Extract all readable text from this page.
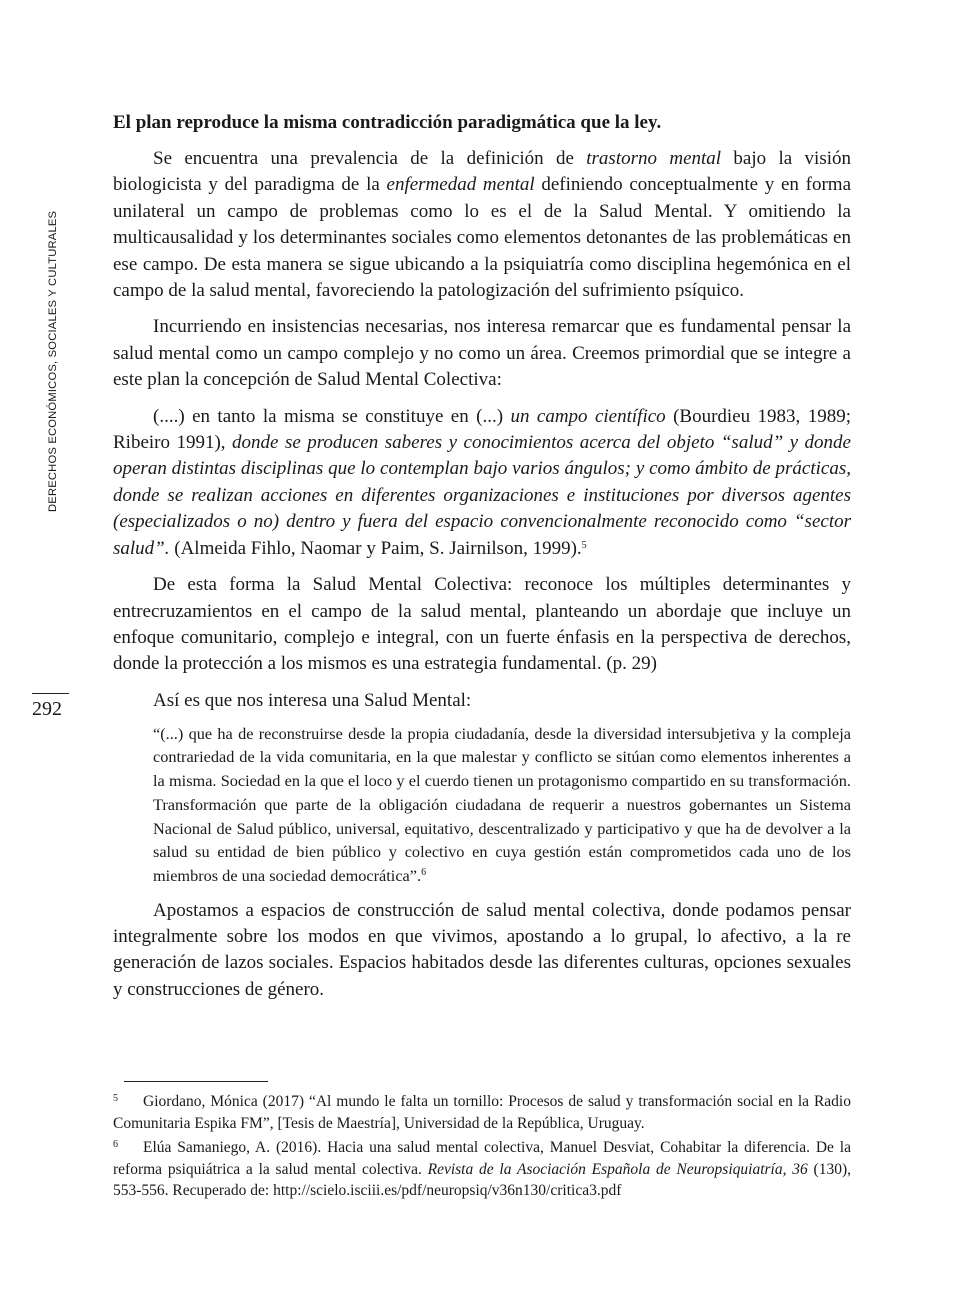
DERECHOS ECONÓMICOS, SOCIALES Y CULTURALES
292

El plan reproduce la misma contradicción paradigmática que la ley.

Se encuentra una prevalencia de la definición de trastorno mental bajo la visión biologicista y del paradigma de la enfermedad mental definiendo conceptualmente y en forma unilateral un campo de problemas como lo es el de la Salud Mental. Y omitiendo la multicausalidad y los determinantes sociales como elementos detonantes de las problemáticas en ese campo. De esta manera se sigue ubicando a la psiquiatría como disciplina hegemónica en el campo de la salud mental, favoreciendo la patologización del sufrimiento psíquico.

Incurriendo en insistencias necesarias, nos interesa remarcar que es fundamental pensar la salud mental como un campo complejo y no como un área. Creemos primordial que se integre a este plan la concepción de Salud Mental Colectiva:

(....) en tanto la misma se constituye en (...) un campo científico (Bourdieu 1983, 1989; Ribeiro 1991), donde se producen saberes y conocimientos acerca del objeto “salud” y donde operan distintas disciplinas que lo contemplan bajo varios ángulos; y como ámbito de prácticas, donde se realizan acciones en diferentes organizaciones e instituciones por diversos agentes (especializados o no) dentro y fuera del espacio convencionalmente reconocido como “sector salud”. (Almeida Fihlo, Naomar y Paim, S. Jairnilson, 1999).$^5$

De esta forma la Salud Mental Colectiva: reconoce los múltiples determinantes y entrecruzamientos en el campo de la salud mental, planteando un abordaje que incluye un enfoque comunitario, complejo e integral, con un fuerte énfasis en la perspectiva de derechos, donde la protección a los mismos es una estrategia fundamental. (p. 29)

Así es que nos interesa una Salud Mental:

“(...) que ha de reconstruirse desde la propia ciudadanía, desde la diversidad intersubjetiva y la compleja contrariedad de la vida comunitaria, en la que malestar y conflicto se sitúan como elementos inherentes a la misma. Sociedad en la que el loco y el cuerdo tienen un protagonismo compartido en su transformación. Transformación que parte de la obligación ciudadana de requerir a nuestros gobernantes un Sistema Nacional de Salud público, universal, equitativo, descentralizado y participativo y que ha de devolver a la salud su entidad de bien público y colectivo en cuya gestión están comprometidos cada uno de los miembros de una sociedad democrática”.$^6$

Apostamos a espacios de construcción de salud mental colectiva, donde podamos pensar integralmente sobre los modos en que vivimos, apostando a lo grupal, lo afectivo, a la re generación de lazos sociales. Espacios habitados desde las diferentes culturas, opciones sexuales y construcciones de género.

5 Giordano, Mónica (2017) “Al mundo le falta un tornillo: Procesos de salud y transformación social en la Radio Comunitaria Espika FM”, [Tesis de Maestría], Universidad de la República, Uruguay.

6 Elúa Samaniego, A. (2016). Hacia una salud mental colectiva, Manuel Desviat, Cohabitar la diferencia. De la reforma psiquiátrica a la salud mental colectiva. Revista de la Asociación Española de Neuropsiquiatría, 36 (130), 553-556. Recuperado de: http://scielo.isciii.es/pdf/neuropsiq/v36n130/critica3.pdf
